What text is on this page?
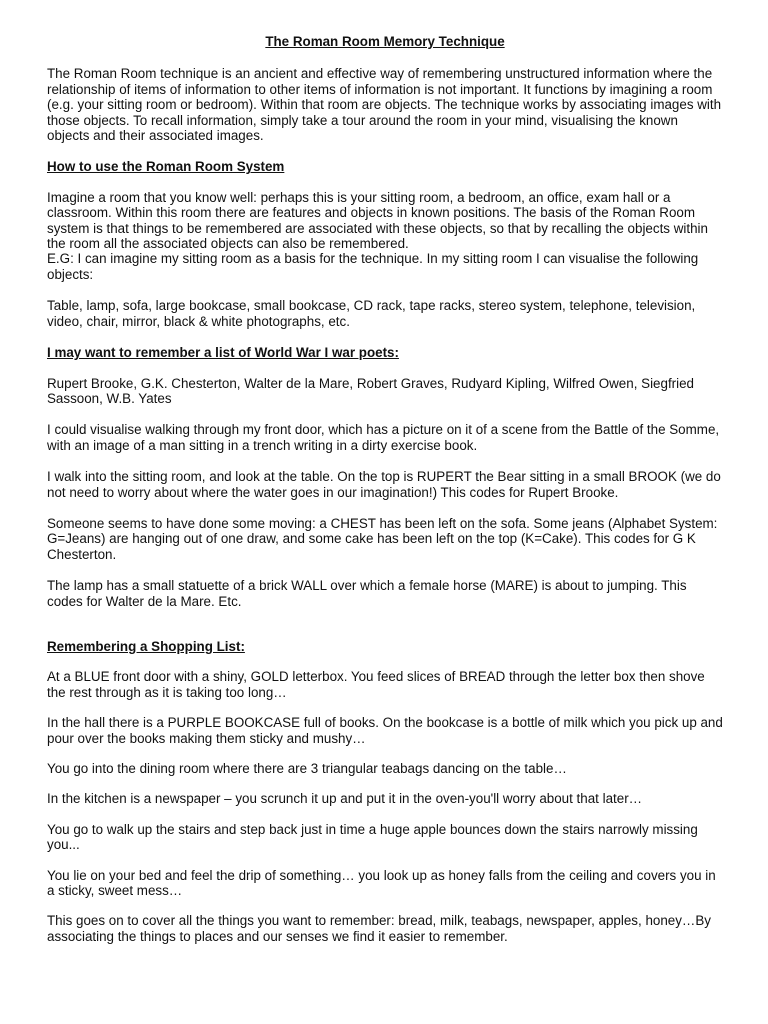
The Roman Room Memory Technique

The Roman Room technique is an ancient and effective way of remembering unstructured information where the relationship of items of information to other items of information is not important. It functions by imagining a room (e.g. your sitting room or bedroom). Within that room are objects. The technique works by associating images with those objects. To recall information, simply take a tour around the room in your mind, visualising the known objects and their associated images.

How to use the Roman Room System

Imagine a room that you know well: perhaps this is your sitting room, a bedroom, an office, exam hall or a classroom. Within this room there are features and objects in known positions. The basis of the Roman Room system is that things to be remembered are associated with these objects, so that by recalling the objects within the room all the associated objects can also be remembered.

E.G: I can imagine my sitting room as a basis for the technique. In my sitting room I can visualise the following objects:

Table, lamp, sofa, large bookcase, small bookcase, CD rack, tape racks, stereo system, telephone, television, video, chair, mirror, black & white photographs, etc.

I may want to remember a list of World War I war poets:

Rupert Brooke, G.K. Chesterton, Walter de la Mare, Robert Graves, Rudyard Kipling, Wilfred Owen, Siegfried Sassoon, W.B. Yates

I could visualise walking through my front door, which has a picture on it of a scene from the Battle of the Somme, with an image of a man sitting in a trench writing in a dirty exercise book.

I walk into the sitting room, and look at the table. On the top is RUPERT the Bear sitting in a small BROOK (we do not need to worry about where the water goes in our imagination!) This codes for Rupert Brooke.

Someone seems to have done some moving: a CHEST has been left on the sofa. Some jeans (Alphabet System: G=Jeans) are hanging out of one draw, and some cake has been left on the top (K=Cake). This codes for G K Chesterton.

The lamp has a small statuette of a brick WALL over which a female horse (MARE) is about to jumping. This codes for Walter de la Mare. Etc.

Remembering a Shopping List:

At a BLUE front door with a shiny, GOLD letterbox. You feed slices of BREAD through the letter box then shove the rest through as it is taking too long…

In the hall there is a PURPLE BOOKCASE full of books. On the bookcase is a bottle of milk which you pick up and pour over the books making them sticky and mushy…

You go into the dining room where there are 3 triangular teabags dancing on the table…

In the kitchen is a newspaper – you scrunch it up and put it in the oven-you'll worry about that later…

You go to walk up the stairs and step back just in time a huge apple bounces down the stairs narrowly missing you...

You lie on your bed and feel the drip of something… you look up as honey falls from the ceiling and covers you in a sticky, sweet mess…

This goes on to cover all the things you want to remember: bread, milk, teabags, newspaper, apples, honey…By associating the things to places and our senses we find it easier to remember.
